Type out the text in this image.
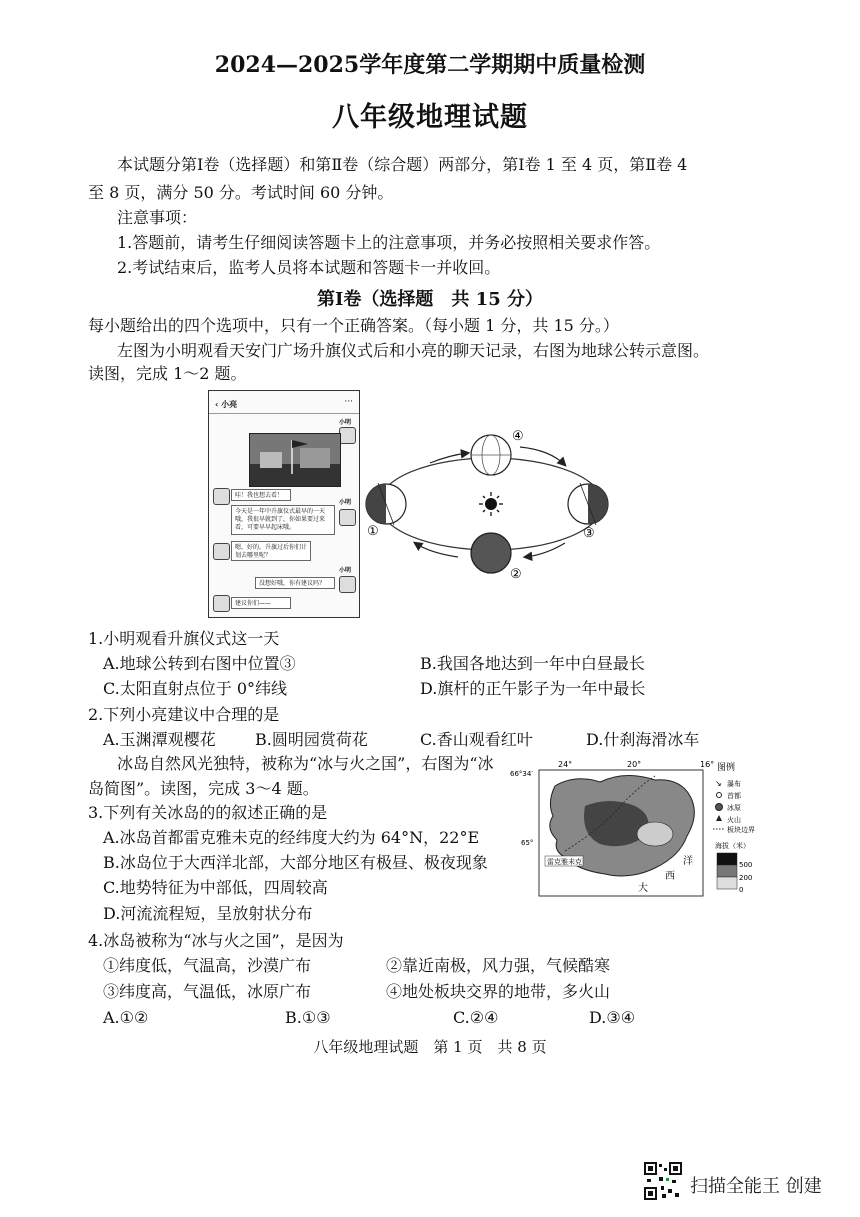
2024—2025学年度第二学期期中质量检测
八年级地理试题
本试题分第Ⅰ卷（选择题）和第Ⅱ卷（综合题）两部分，第Ⅰ卷 1 至 4 页，第Ⅱ卷 4
至 8 页，满分 50 分。考试时间 60 分钟。
注意事项：
1.答题前，请考生仔细阅读答题卡上的注意事项，并务必按照相关要求作答。
2.考试结束后，监考人员将本试题和答题卡一并收回。
第Ⅰ卷（选择题　共 15 分）
每小题给出的四个选项中，只有一个正确答案。（每小题 1 分，共 15 分。）
左图为小明观看天安门广场升旗仪式后和小亮的聊天记录，右图为地球公转示意图。
读图，完成 1～2 题。
‹ 小亮	···
小明
哇！我也想去看！
小明
今天是一年中升旗仪式最早的一天哦，我很早就到了，你如果要过来看，可要早早起床哦。
嗯，好的。升旗过后你们计划去哪里呢？
小明
没想好哦，你有建议吗？
建议你们——
①
②
③
④
1.小明观看升旗仪式这一天
A.地球公转到右图中位置③	B.我国各地达到一年中白昼最长
C.太阳直射点位于 0°纬线	D.旗杆的正午影子为一年中最长
2.下列小亮建议中合理的是
A.玉渊潭观樱花 B.圆明园赏荷花	C.香山观看红叶	D.什刹海滑冰车
冰岛自然风光独特，被称为“冰与火之国”，右图为“冰
岛简图”。读图，完成 3～4 题。
24°	20°	16°
66°34′
65°
雷克雅未克	洋
西
大
图例
↘ 瀑布
首都
冰原
火山
板块边界
海拔（米）
500
200
0
3.下列有关冰岛的的叙述正确的是
A.冰岛首都雷克雅未克的经纬度大约为 64°N，22°E
B.冰岛位于大西洋北部，大部分地区有极昼、极夜现象
C.地势特征为中部低，四周较高
D.河流流程短，呈放射状分布
4.冰岛被称为“冰与火之国”，是因为
①纬度低，气温高，沙漠广布	②靠近南极，风力强，气候酷寒
③纬度高，气温低，冰原广布	④地处板块交界的地带，多火山
A.①②	B.①③	C.②④	D.③④
八年级地理试题　第 1 页　共 8 页
扫描全能王 创建
